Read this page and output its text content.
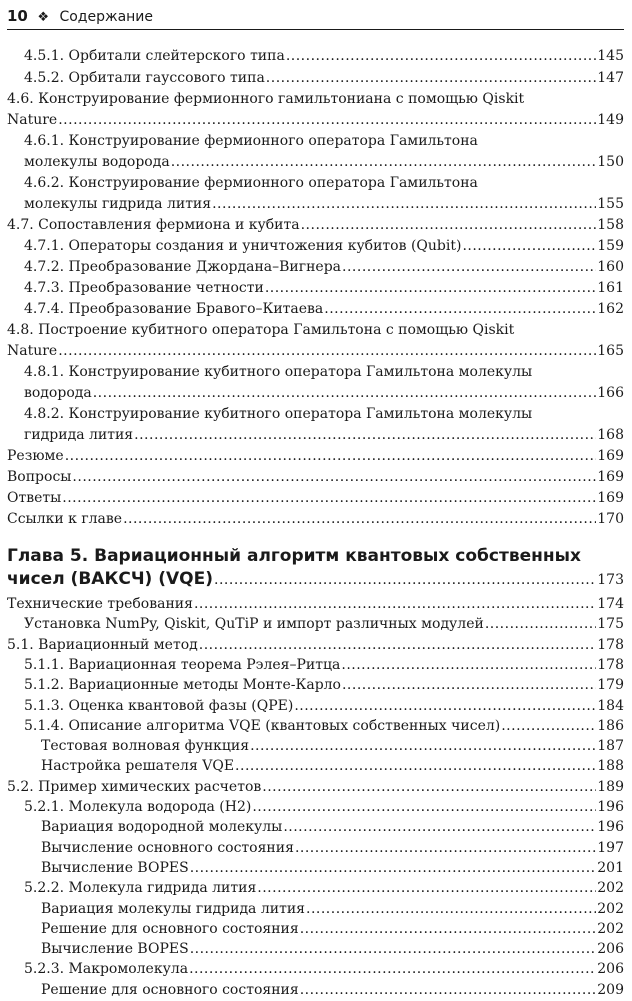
10 ❖ Содержание
4.5.1. Орбитали слейтерского типа .....	145
4.5.2. Орбитали гауссового типа .....	147
4.6. Конструирование фермионного гамильтониана с помощью Qiskit
Nature .....	149
4.6.1. Конструирование фермионного оператора Гамильтона
молекулы водорода .....	150
4.6.2. Конструирование фермионного оператора Гамильтона
молекулы гидрида лития .....	155
4.7. Сопоставления фермиона и кубита .....	158
4.7.1. Операторы создания и уничтожения кубитов (Qubit) .....	159
4.7.2. Преобразование Джордана–Вигнера .....	160
4.7.3. Преобразование четности .....	161
4.7.4. Преобразование Бравого–Китаева .....	162
4.8. Построение кубитного оператора Гамильтона с помощью Qiskit
Nature .....	165
4.8.1. Конструирование кубитного оператора Гамильтона молекулы
водорода .....	166
4.8.2. Конструирование кубитного оператора Гамильтона молекулы
гидрида лития .....	168
Резюме .....	169
Вопросы .....	169
Ответы .....	169
Ссылки к главе .....	170
Глава 5. Вариационный алгоритм квантовых собственных
чисел (ВАКСЧ) (VQE) .....	173
Технические требования .....	174
Установка NumPy, Qiskit, QuTiP и импорт различных модулей .....	175
5.1. Вариационный метод .....	178
5.1.1. Вариационная теорема Рэлея–Ритца .....	178
5.1.2. Вариационные методы Монте-Карло .....	179
5.1.3. Оценка квантовой фазы (QPE) .....	184
5.1.4. Описание алгоритма VQE (квантовых собственных чисел) .....	186
Тестовая волновая функция .....	187
Настройка решателя VQE .....	188
5.2. Пример химических расчетов .....	189
5.2.1. Молекула водорода (H2) .....	196
Вариация водородной молекулы .....	196
Вычисление основного состояния .....	197
Вычисление BOPES .....	201
5.2.2. Молекула гидрида лития .....	202
Вариация молекулы гидрида лития .....	202
Решение для основного состояния .....	202
Вычисление BOPES .....	206
5.2.3. Макромолекула .....	206
Решение для основного состояния .....	209
